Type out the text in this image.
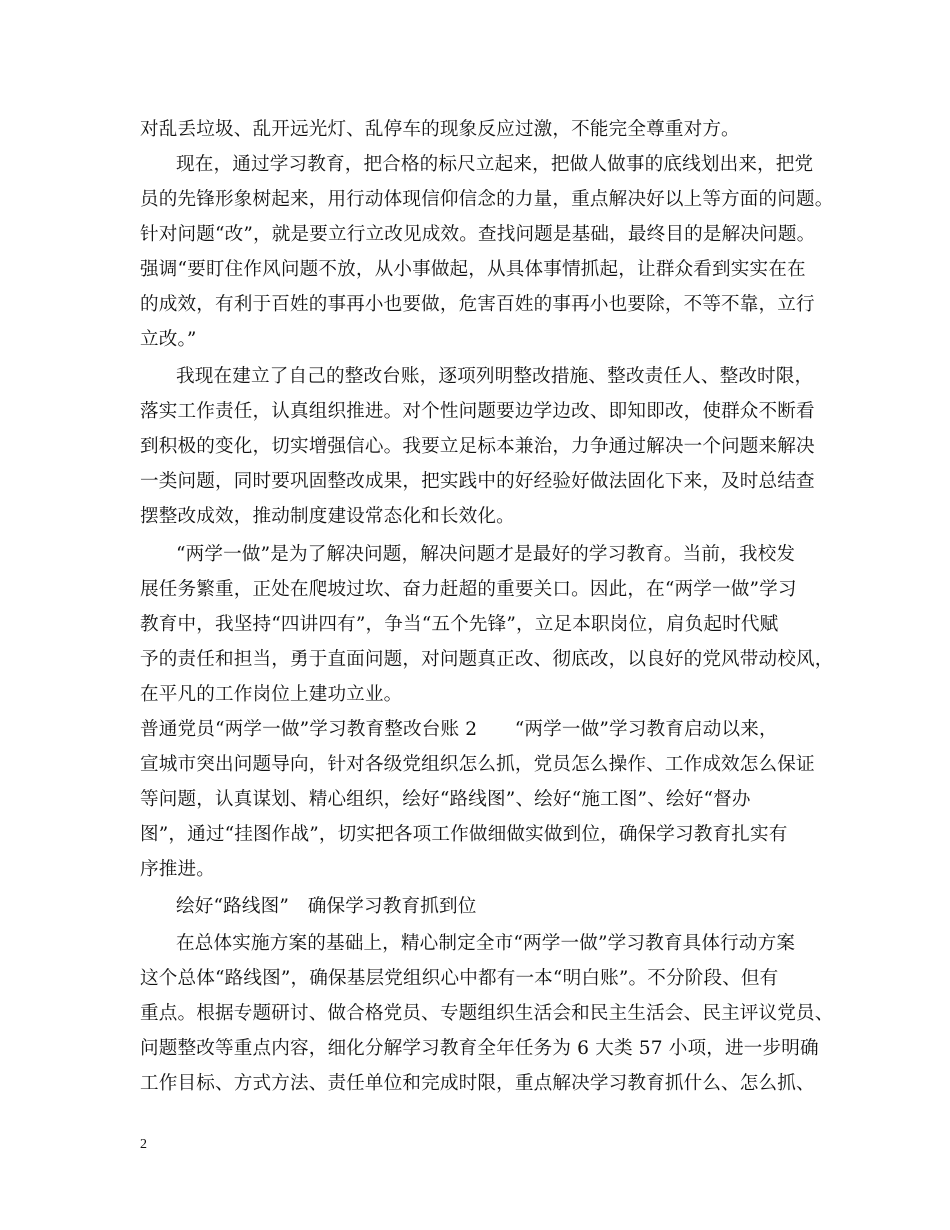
对乱丢垃圾、乱开远光灯、乱停车的现象反应过激，不能完全尊重对方。
现在，通过学习教育，把合格的标尺立起来，把做人做事的底线划出来，把党
员的先锋形象树起来，用行动体现信仰信念的力量，重点解决好以上等方面的问题。
针对问题“改”，就是要立行立改见成效。查找问题是基础，最终目的是解决问题。
强调“要盯住作风问题不放，从小事做起，从具体事情抓起，让群众看到实实在在
的成效，有利于百姓的事再小也要做，危害百姓的事再小也要除，不等不靠，立行
立改。”
我现在建立了自己的整改台账，逐项列明整改措施、整改责任人、整改时限，
落实工作责任，认真组织推进。对个性问题要边学边改、即知即改，使群众不断看
到积极的变化，切实增强信心。我要立足标本兼治，力争通过解决一个问题来解决
一类问题，同时要巩固整改成果，把实践中的好经验好做法固化下来，及时总结查
摆整改成效，推动制度建设常态化和长效化。
“两学一做”是为了解决问题，解决问题才是最好的学习教育。当前，我校发
展任务繁重，正处在爬坡过坎、奋力赶超的重要关口。因此，在“两学一做”学习
教育中，我坚持“四讲四有”，争当“五个先锋”，立足本职岗位，肩负起时代赋
予的责任和担当，勇于直面问题，对问题真正改、彻底改，以良好的党风带动校风，
在平凡的工作岗位上建功立业。
普通党员“两学一做”学习教育整改台账 2　　“两学一做”学习教育启动以来，
宣城市突出问题导向，针对各级党组织怎么抓，党员怎么操作、工作成效怎么保证
等问题，认真谋划、精心组织，绘好“路线图”、绘好“施工图”、绘好“督办
图”，通过“挂图作战”，切实把各项工作做细做实做到位，确保学习教育扎实有
序推进。
绘好“路线图”　确保学习教育抓到位
在总体实施方案的基础上，精心制定全市“两学一做”学习教育具体行动方案
这个总体“路线图”，确保基层党组织心中都有一本“明白账”。不分阶段、但有
重点。根据专题研讨、做合格党员、专题组织生活会和民主生活会、民主评议党员、
问题整改等重点内容，细化分解学习教育全年任务为 6 大类 57 小项，进一步明确
工作目标、方式方法、责任单位和完成时限，重点解决学习教育抓什么、怎么抓、
2
